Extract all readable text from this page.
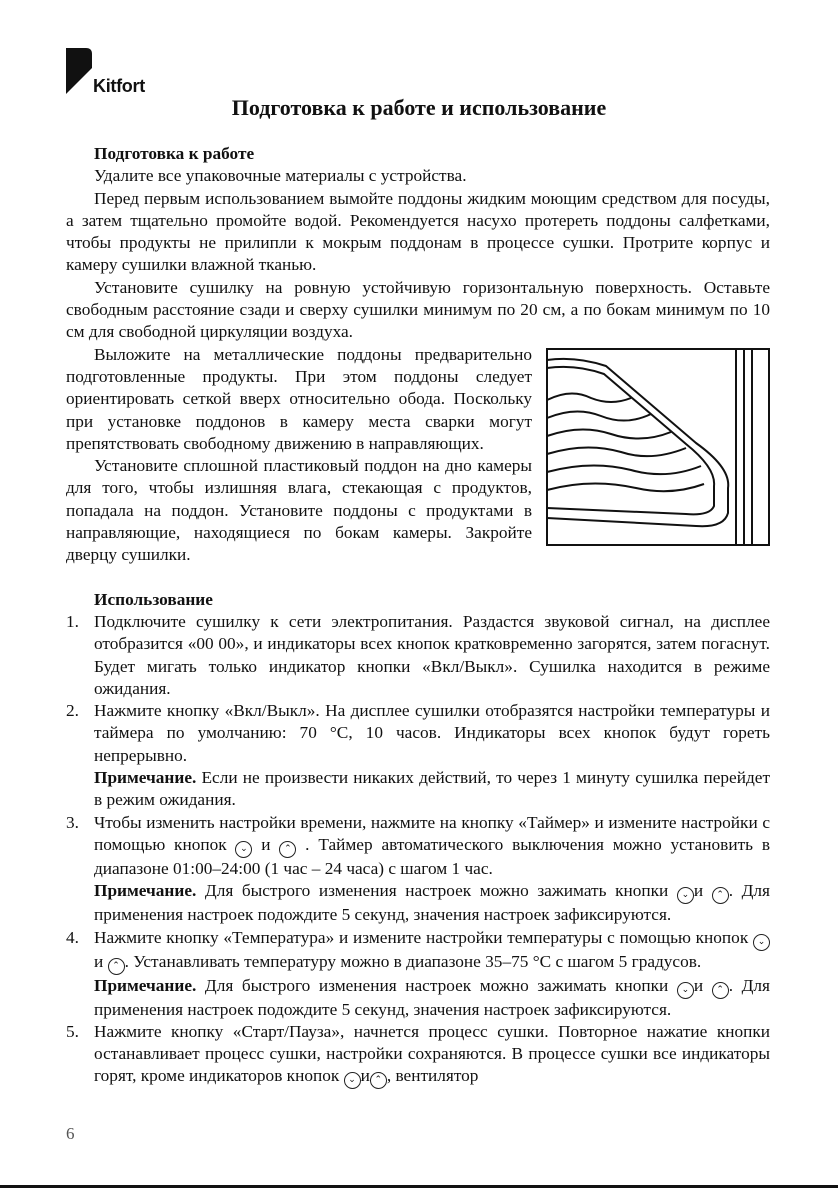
Kitfort
Подготовка к работе и использование

Подготовка к работе

Удалите все упаковочные материалы с устройства.

Перед первым использованием вымойте поддоны жидким моющим средством для посуды, а затем тщательно промойте водой. Рекомендуется насухо протереть поддоны салфетками, чтобы продукты не прилипли к мокрым поддонам в процессе сушки. Протрите корпус и камеру сушилки влажной тканью.

Установите сушилку на ровную устойчивую горизонтальную поверхность. Оставьте свободным расстояние сзади и сверху сушилки минимум по 20 см, а по бокам минимум по 10 см для свободной циркуляции воздуха.

Выложите на металлические поддоны предварительно подготовленные продукты. При этом поддоны следует ориентировать сеткой вверх относительно обода. Поскольку при установке поддонов в камеру места сварки могут препятствовать свободному движению в направляющих.

Установите сплошной пластиковый поддон на дно камеры для того, чтобы излишняя влага, стекающая с продуктов, попадала на поддон. Установите поддоны с продуктами в направляющие, находящиеся по бокам камеры. Закройте дверцу сушилки.

Использование

1. Подключите сушилку к сети электропитания. Раздастся звуковой сигнал, на дисплее отобразится «00 00», и индикаторы всех кнопок кратковременно загорятся, затем погаснут. Будет мигать только индикатор кнопки «Вкл/Выкл». Сушилка находится в режиме ожидания.

2. Нажмите кнопку «Вкл/Выкл». На дисплее сушилки отобразятся настройки температуры и таймера по умолчанию: 70 °С, 10 часов. Индикаторы всех кнопок будут гореть непрерывно.

Примечание. Если не произвести никаких действий, то через 1 минуту сушилка перейдет в режим ожидания.

3. Чтобы изменить настройки времени, нажмите на кнопку «Таймер» и измените настройки с помощью кнопок ⌄ и ⌃ . Таймер автоматического выключения можно установить в диапазоне 01:00–24:00 (1 час – 24 часа) с шагом 1 час.

Примечание. Для быстрого изменения настроек можно зажимать кнопки ⌄ и ⌃ . Для применения настроек подождите 5 секунд, значения настроек зафиксируются.

4. Нажмите кнопку «Температура» и измените настройки температуры с помощью кнопок ⌄и ⌃ . Устанавливать температуру можно в диапазоне 35–75 °С с шагом 5 градусов.

Примечание. Для быстрого изменения настроек можно зажимать кнопки ⌄ и ⌃ . Для применения настроек подождите 5 секунд, значения настроек зафиксируются.

5. Нажмите кнопку «Старт/Пауза», начнется процесс сушки. Повторное нажатие кнопки останавливает процесс сушки, настройки сохраняются. В процессе сушки все индикаторы горят, кроме индикаторов кнопок ⌄ и ⌃ , вентилятор

6
